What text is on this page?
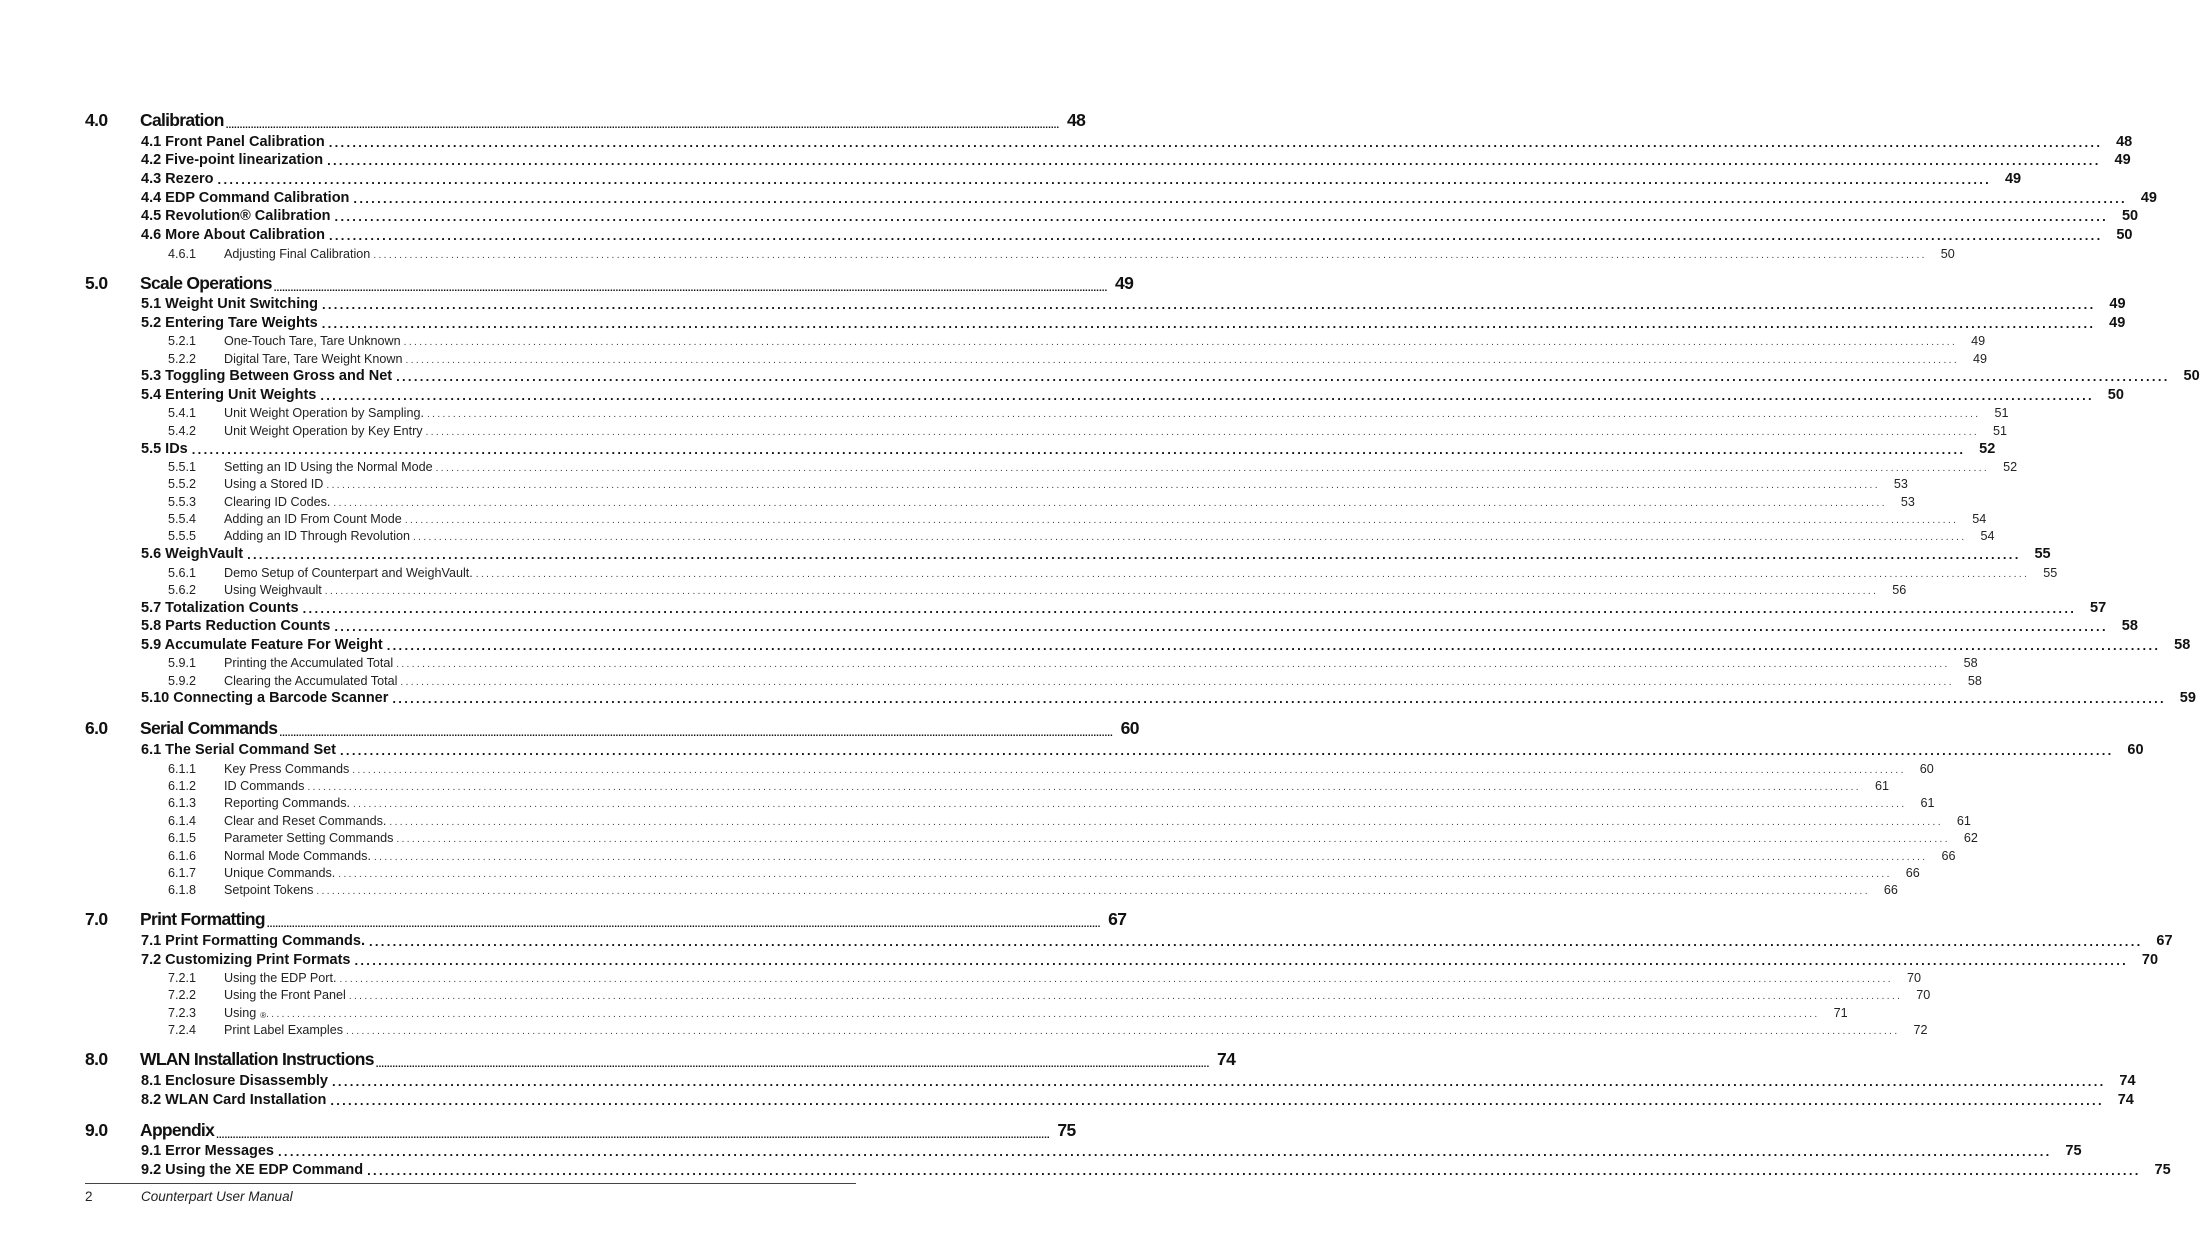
4.0	Calibration ............................................................................................................................................................................................................................................................................................................ 48
4.1 Front Panel Calibration ............................................................................................................................................................................................................................................................................................................ 48
4.2 Five-point linearization ............................................................................................................................................................................................................................................................................................................ 49
4.3 Rezero ............................................................................................................................................................................................................................................................................................................ 49
4.4 EDP Command Calibration ............................................................................................................................................................................................................................................................................................................ 49
4.5 Revolution® Calibration ............................................................................................................................................................................................................................................................................................................ 50
4.6 More About Calibration ............................................................................................................................................................................................................................................................................................................ 50
4.6.1	Adjusting Final Calibration ............................................................................................................................................................................................................................................................................................................	50
5.0	Scale Operations ............................................................................................................................................................................................................................................................................................................ 49
5.1 Weight Unit Switching ............................................................................................................................................................................................................................................................................................................ 49
5.2 Entering Tare Weights ............................................................................................................................................................................................................................................................................................................ 49
5.2.1	One-Touch Tare, Tare Unknown ............................................................................................................................................................................................................................................................................................................	49
5.2.2	Digital Tare, Tare Weight Known ............................................................................................................................................................................................................................................................................................................	49
5.3 Toggling Between Gross and Net ............................................................................................................................................................................................................................................................................................................ 50
5.4 Entering Unit Weights ............................................................................................................................................................................................................................................................................................................ 50
5.4.1	Unit Weight Operation by Sampling. ............................................................................................................................................................................................................................................................................................................	51
5.4.2	Unit Weight Operation by Key Entry ............................................................................................................................................................................................................................................................................................................	51
5.5 IDs ............................................................................................................................................................................................................................................................................................................ 52
5.5.1	Setting an ID Using the Normal Mode ............................................................................................................................................................................................................................................................................................................	52
5.5.2	Using a Stored ID ............................................................................................................................................................................................................................................................................................................	53
5.5.3	Clearing ID Codes. ............................................................................................................................................................................................................................................................................................................	53
5.5.4	Adding an ID From Count Mode ............................................................................................................................................................................................................................................................................................................	54
5.5.5	Adding an ID Through Revolution ............................................................................................................................................................................................................................................................................................................	54
5.6 WeighVault ............................................................................................................................................................................................................................................................................................................ 55
5.6.1	Demo Setup of Counterpart and WeighVault. ............................................................................................................................................................................................................................................................................................................	55
5.6.2	Using Weighvault ............................................................................................................................................................................................................................................................................................................	56
5.7 Totalization Counts ............................................................................................................................................................................................................................................................................................................ 57
5.8 Parts Reduction Counts ............................................................................................................................................................................................................................................................................................................ 58
5.9 Accumulate Feature For Weight ............................................................................................................................................................................................................................................................................................................ 58
5.9.1	Printing the Accumulated Total ............................................................................................................................................................................................................................................................................................................	58
5.9.2	Clearing the Accumulated Total ............................................................................................................................................................................................................................................................................................................	58
5.10 Connecting a Barcode Scanner ............................................................................................................................................................................................................................................................................................................ 59
6.0	Serial Commands ............................................................................................................................................................................................................................................................................................................ 60
6.1 The Serial Command Set ............................................................................................................................................................................................................................................................................................................ 60
6.1.1	Key Press Commands ............................................................................................................................................................................................................................................................................................................	60
6.1.2	ID Commands ............................................................................................................................................................................................................................................................................................................	61
6.1.3	Reporting Commands. ............................................................................................................................................................................................................................................................................................................	61
6.1.4	Clear and Reset Commands. ............................................................................................................................................................................................................................................................................................................	61
6.1.5	Parameter Setting Commands ............................................................................................................................................................................................................................................................................................................	62
6.1.6	Normal Mode Commands. ............................................................................................................................................................................................................................................................................................................	66
6.1.7	Unique Commands. ............................................................................................................................................................................................................................................................................................................	66
6.1.8	Setpoint Tokens ............................................................................................................................................................................................................................................................................................................	66
7.0	Print Formatting ............................................................................................................................................................................................................................................................................................................ 67
7.1 Print Formatting Commands. ............................................................................................................................................................................................................................................................................................................ 67
7.2 Customizing Print Formats ............................................................................................................................................................................................................................................................................................................ 70
7.2.1	Using the EDP Port. ............................................................................................................................................................................................................................................................................................................	70
7.2.2	Using the Front Panel ............................................................................................................................................................................................................................................................................................................	70
7.2.3	Using ® ............................................................................................................................................................................................................................................................................................................	71
7.2.4	Print Label Examples ............................................................................................................................................................................................................................................................................................................	72
8.0	WLAN Installation Instructions ............................................................................................................................................................................................................................................................................................................ 74
8.1 Enclosure Disassembly ............................................................................................................................................................................................................................................................................................................ 74
8.2 WLAN Card Installation ............................................................................................................................................................................................................................................................................................................ 74
9.0	Appendix ............................................................................................................................................................................................................................................................................................................ 75
9.1 Error Messages ............................................................................................................................................................................................................................................................................................................ 75
9.2 Using the XE EDP Command ............................................................................................................................................................................................................................................................................................................ 75
2	Counterpart User Manual
